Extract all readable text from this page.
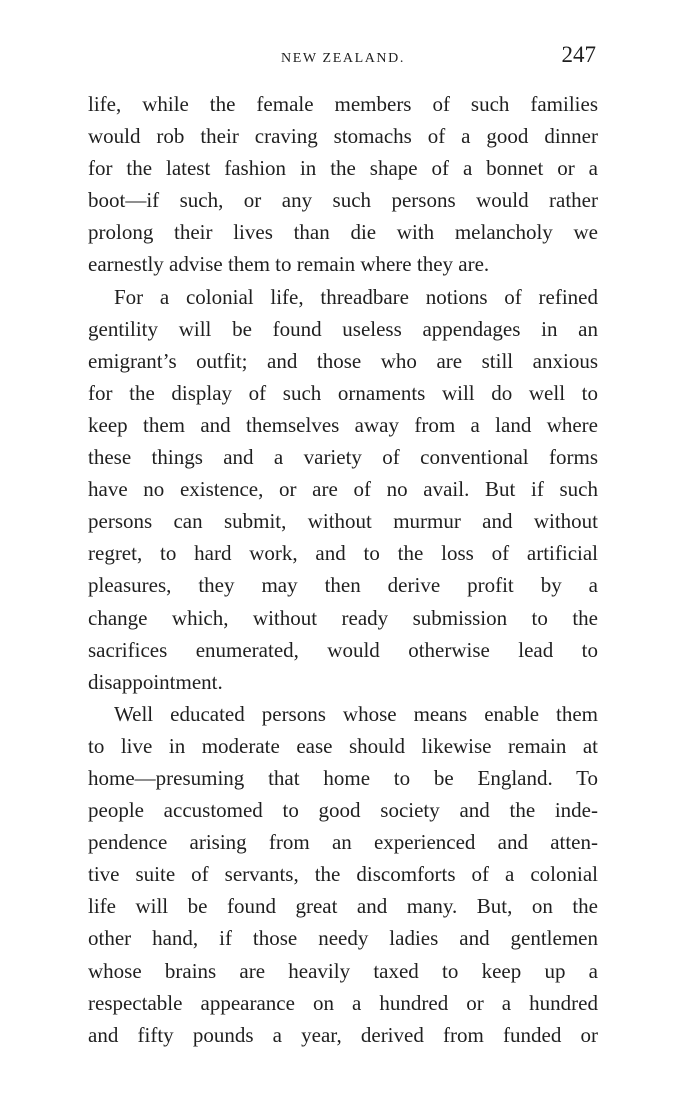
NEW ZEALAND.	247
life, while the female members of such families
would rob their craving stomachs of a good dinner
for the latest fashion in the shape of a bonnet or a
boot—if such, or any such persons would rather
prolong their lives than die with melancholy we
earnestly advise them to remain where they are.
For a colonial life, threadbare notions of refined
gentility will be found useless appendages in an
emigrant’s outfit; and those who are still anxious
for the display of such ornaments will do well to
keep them and themselves away from a land where
these things and a variety of conventional forms
have no existence, or are of no avail. But if such
persons can submit, without murmur and without
regret, to hard work, and to the loss of artificial
pleasures, they may then derive profit by a
change which, without ready submission to the
sacrifices enumerated, would otherwise lead to
disappointment.
Well educated persons whose means enable them
to live in moderate ease should likewise remain at
home—presuming that home to be England. To
people accustomed to good society and the inde-
pendence arising from an experienced and atten-
tive suite of servants, the discomforts of a colonial
life will be found great and many. But, on the
other hand, if those needy ladies and gentlemen
whose brains are heavily taxed to keep up a
respectable appearance on a hundred or a hundred
and fifty pounds a year, derived from funded or
